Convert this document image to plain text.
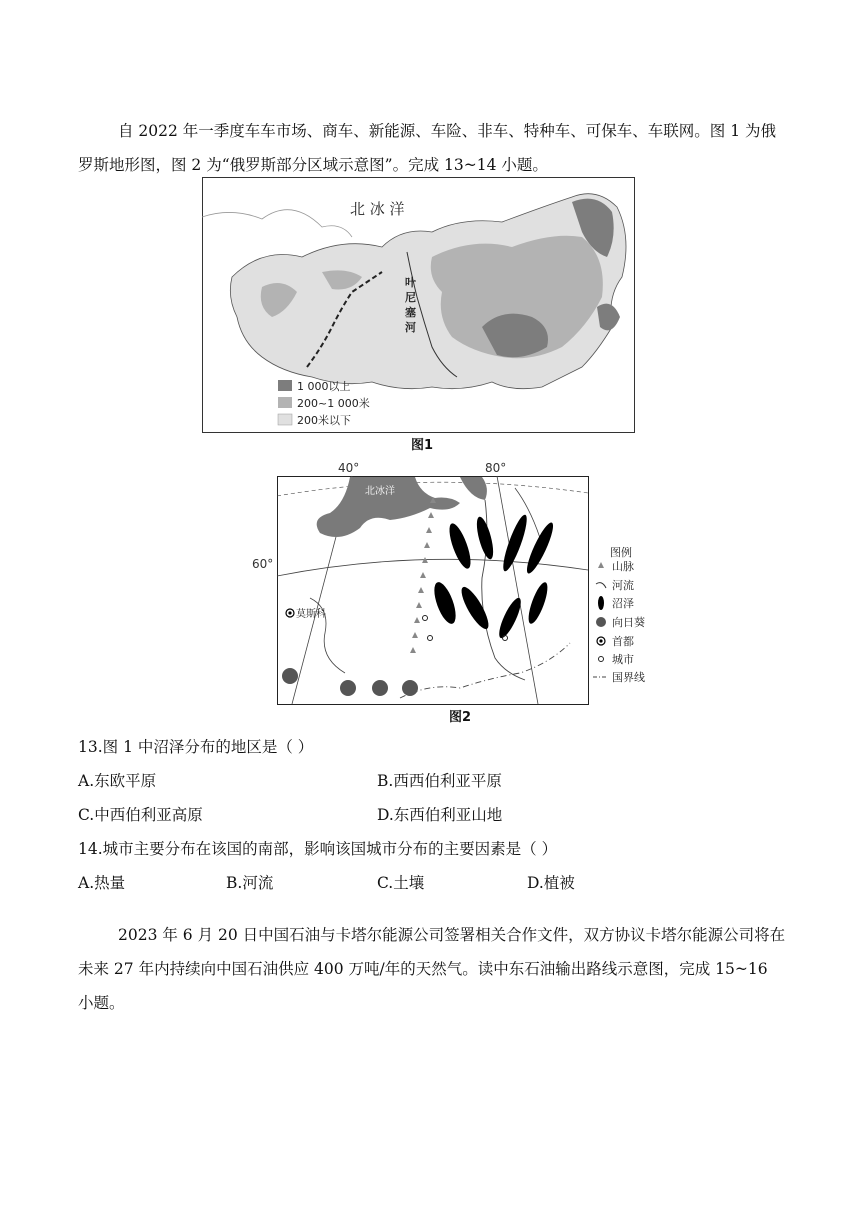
自 2022 年一季度车车市场、商车、新能源、车险、非车、特种车、可保车、车联网。图 1 为俄罗斯地形图，图 2 为“俄罗斯部分区域示意图”。完成 13~14 小题。

北 冰 洋
叶
尼
塞
河
1 000以上
200~1 000米
200米以下
图1
40°	80°
60°
北冰洋
莫斯科
图例
山脉
河流
沼泽
向日葵
首都
城市
国界线
图2
13.图 1 中沼泽分布的地区是（ ）
A.东欧平原	B.西西伯利亚平原
C.中西伯利亚高原	D.东西伯利亚山地
14.城市主要分布在该国的南部，影响该国城市分布的主要因素是（ ）
A.热量	B.河流	C.土壤	D.植被

2023 年 6 月 20 日中国石油与卡塔尔能源公司签署相关合作文件，双方协议卡塔尔能源公司将在未来 27 年内持续向中国石油供应 400 万吨/年的天然气。读中东石油输出路线示意图，完成 15~16 小题。
